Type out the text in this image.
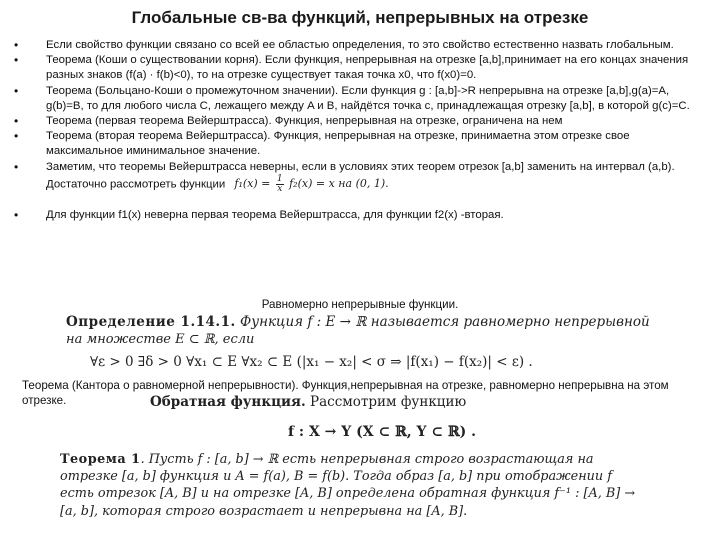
Глобальные св-ва функций, непрерывных на отрезке

• Если свойство функции связано со всей ее областью определения, то это свойство естественно назвать глобальным.

• Теорема (Коши о существовании корня). Если функция, непрерывная на отрезке [a,b],принимает на его концах значения разных знаков (f(a) · f(b)<0), то на отрезке существует такая точка x0, что f(x0)=0.

• Теорема (Больцано-Коши о промежуточном значении). Если функция g : [a,b]->R непрерывна на отрезке [a,b],g(a)=A, g(b)=B, то для любого числа C, лежащего между A и B, найдётся точка c, принадлежащая отрезку [a,b], в которой g(c)=C.

• Теорема (первая теорема Вейерштрасса). Функция, непрерывная на отрезке, ограничена на нем

• Теорема (вторая теорема Вейерштрасса). Функция, непрерывная на отрезке, принимаетна этом отрезке свое максимальное иминимальное значение.

• Заметим, что теоремы Вейерштрасса неверны, если в условиях этих теорем отрезок [a,b] заменить на интервал (a,b). Достаточно рассмотреть функции $f_1(x) = \frac{1}{x} f_2(x) = x$ на (0, 1).

• Для функции f1(x) неверна первая теорема Вейерштрасса, для функции f2(x) -вторая.

Равномерно непрерывные функции.
Определение 1.14.1. Функция f : E → ℝ называется равномерно непрерывной
на множестве E ⊂ ℝ, если
∀ε > 0 ∃δ > 0 ∀x₁ ⊂ E ∀x₂ ⊂ E (|x₁ − x₂| < σ ⇒ |f(x₁) − f(x₂)| < ε) .
Теорема (Кантора о равномерной непрерывности). Функция,непрерывная на отрезке, равномерно непрерывна на этом отрезке.	Обратная функция. Рассмотрим функцию
f : X → Y (X ⊂ ℝ, Y ⊂ ℝ) .
Теорема 1. Пусть f : [a, b] → ℝ есть непрерывная строго возрастающая на
отрезке [a, b] функция и A = f(a), B = f(b). Тогда образ [a, b] при отображении f
есть отрезок [A, B] и на отрезке [A, B] определена обратная функция f⁻¹ : [A, B] →
[a, b], которая строго возрастает и непрерывна на [A, B].
